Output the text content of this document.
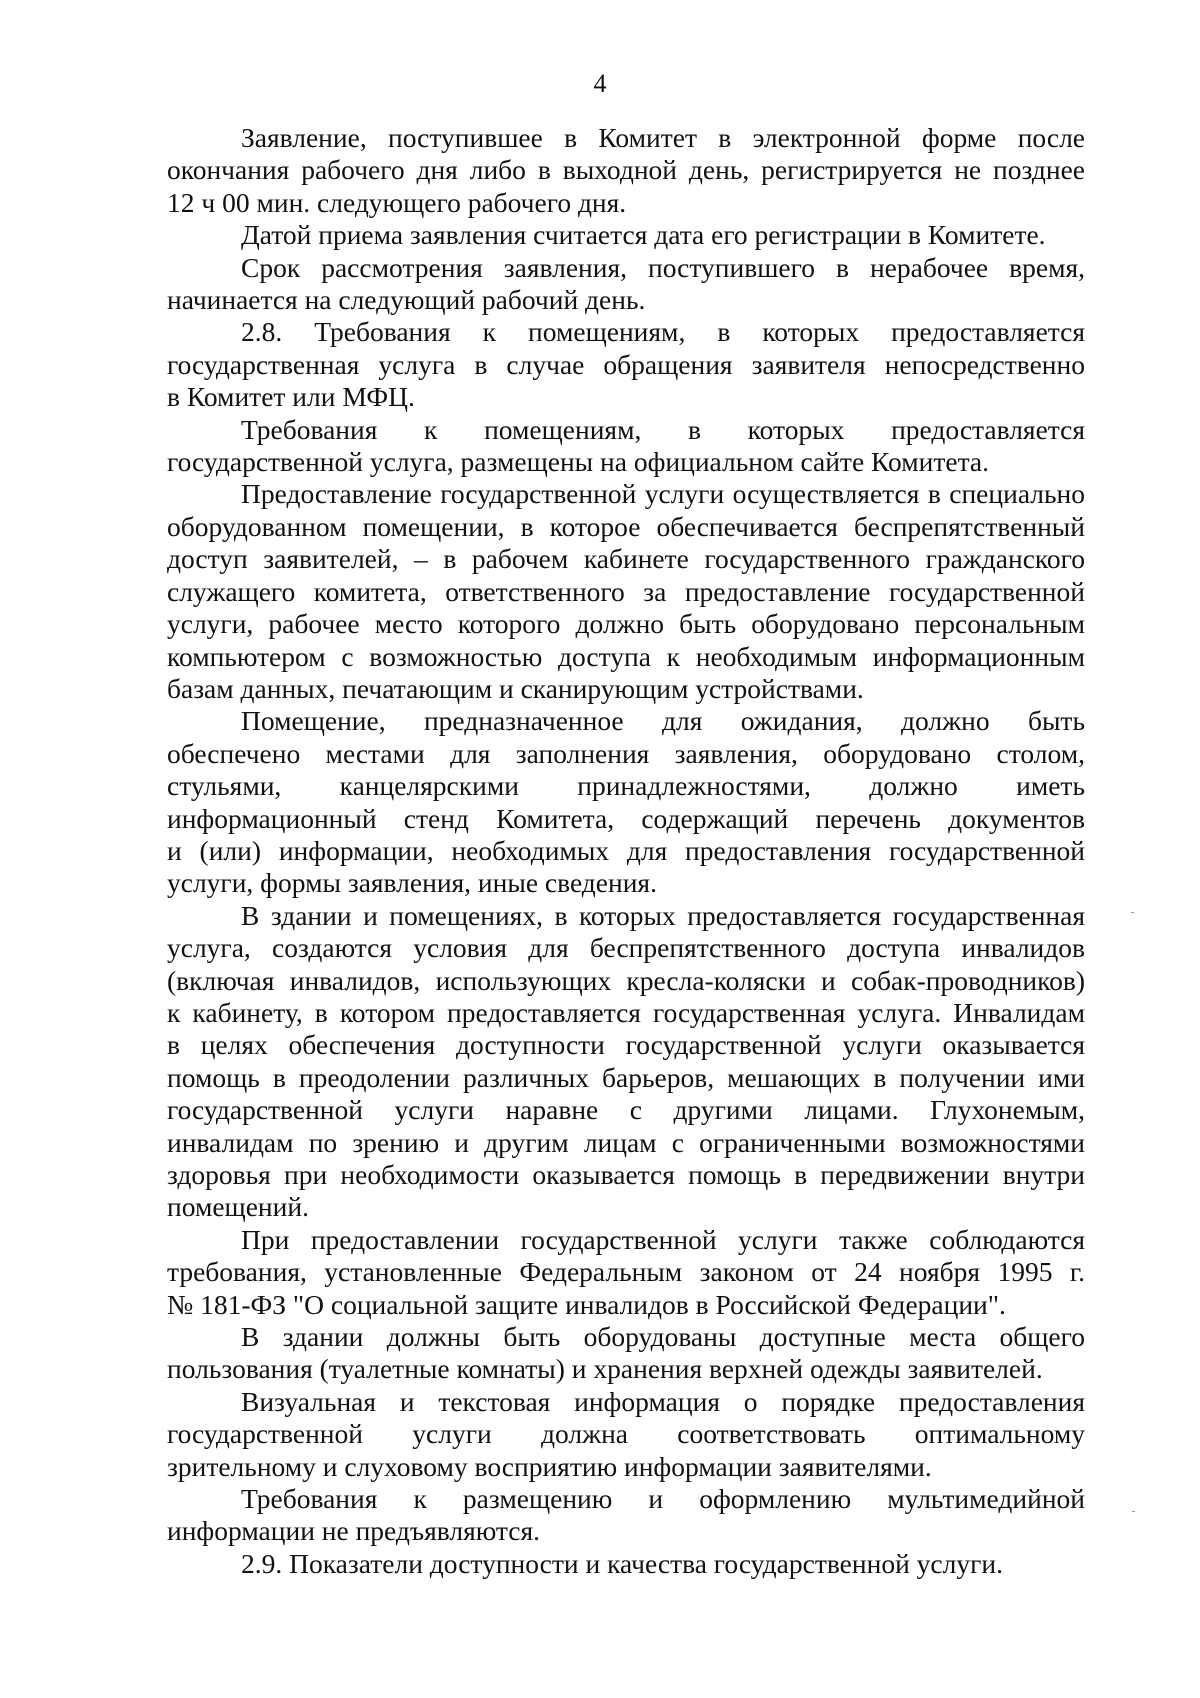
4

Заявление, поступившее в Комитет в электронной форме после
окончания рабочего дня либо в выходной день, регистрируется не позднее
12 ч 00 мин. следующего рабочего дня.

Датой приема заявления считается дата его регистрации в Комитете.

Срок рассмотрения заявления, поступившего в нерабочее время,
начинается на следующий рабочий день.

2.8. Требования к помещениям, в которых предоставляется
государственная услуга в случае обращения заявителя непосредственно
в Комитет или МФЦ.

Требования к помещениям, в которых предоставляется
государственной услуга, размещены на официальном сайте Комитета.

Предоставление государственной услуги осуществляется в специально
оборудованном помещении, в которое обеспечивается беспрепятственный
доступ заявителей, – в рабочем кабинете государственного гражданского
служащего комитета, ответственного за предоставление государственной
услуги, рабочее место которого должно быть оборудовано персональным
компьютером с возможностью доступа к необходимым информационным
базам данных, печатающим и сканирующим устройствами.

Помещение, предназначенное для ожидания, должно быть
обеспечено местами для заполнения заявления, оборудовано столом,
стульями, канцелярскими принадлежностями, должно иметь
информационный стенд Комитета, содержащий перечень документов
и (или) информации, необходимых для предоставления государственной
услуги, формы заявления, иные сведения.

В здании и помещениях, в которых предоставляется государственная
услуга, создаются условия для беспрепятственного доступа инвалидов
(включая инвалидов, использующих кресла-коляски и собак-проводников)
к кабинету, в котором предоставляется государственная услуга. Инвалидам
в целях обеспечения доступности государственной услуги оказывается
помощь в преодолении различных барьеров, мешающих в получении ими
государственной услуги наравне с другими лицами. Глухонемым,
инвалидам по зрению и другим лицам с ограниченными возможностями
здоровья при необходимости оказывается помощь в передвижении внутри
помещений.

При предоставлении государственной услуги также соблюдаются
требования, установленные Федеральным законом от 24 ноября 1995 г.
№ 181-ФЗ "О социальной защите инвалидов в Российской Федерации".

В здании должны быть оборудованы доступные места общего
пользования (туалетные комнаты) и хранения верхней одежды заявителей.

Визуальная и текстовая информация о порядке предоставления
государственной услуги должна соответствовать оптимальному
зрительному и слуховому восприятию информации заявителями.

Требования к размещению и оформлению мультимедийной
информации не предъявляются.

2.9. Показатели доступности и качества государственной услуги.
